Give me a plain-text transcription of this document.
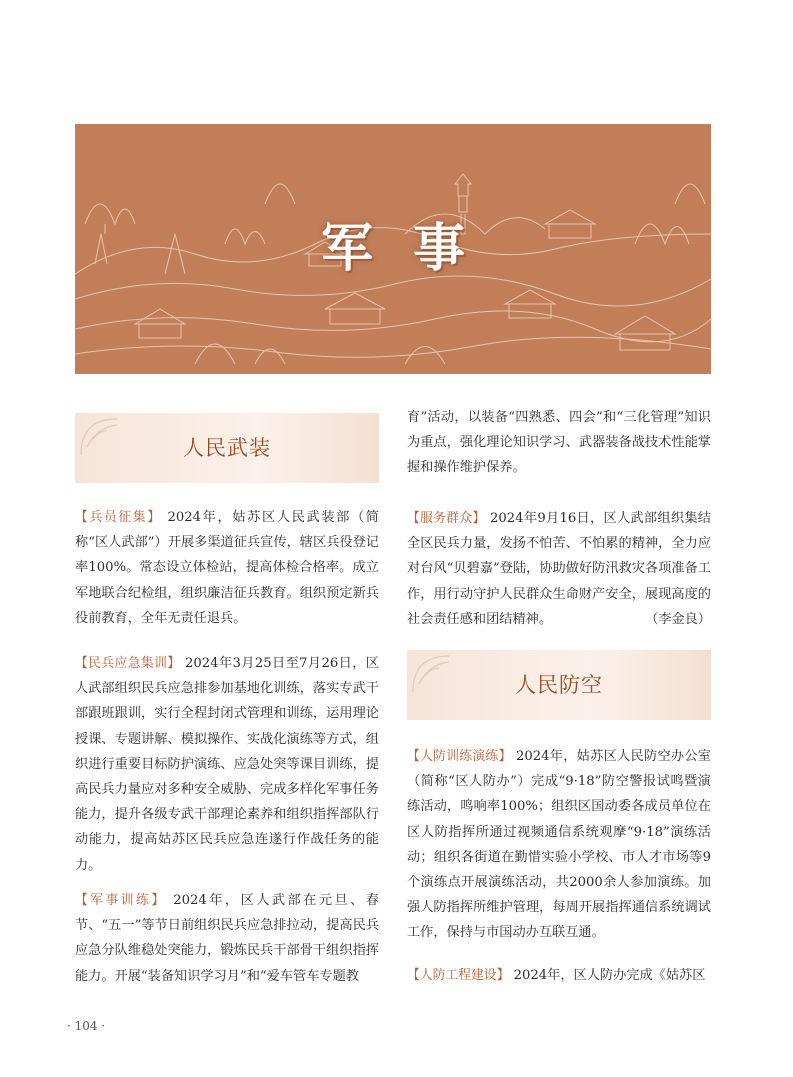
军事
人民武装

【兵员征集】 2024年，姑苏区人民武装部（简称“区人武部”）开展多渠道征兵宣传，辖区兵役登记率100%。常态设立体检站，提高体检合格率。成立军地联合纪检组，组织廉洁征兵教育。组织预定新兵役前教育，全年无责任退兵。

【民兵应急集训】 2024年3月25日至7月26日，区人武部组织民兵应急排参加基地化训练，落实专武干部跟班跟训，实行全程封闭式管理和训练，运用理论授课、专题讲解、模拟操作、实战化演练等方式，组织进行重要目标防护演练、应急处突等课目训练，提高民兵力量应对多种安全威胁、完成多样化军事任务能力，提升各级专武干部理论素养和组织指挥部队行动能力，提高姑苏区民兵应急连遂行作战任务的能力。

【军事训练】 2024年，区人武部在元旦、春节、“五一”等节日前组织民兵应急排拉动，提高民兵应急分队维稳处突能力，锻炼民兵干部骨干组织指挥能力。开展“装备知识学习月”和“爱车管车专题教

育”活动，以装备“四熟悉、四会”和“三化管理”知识为重点，强化理论知识学习、武器装备战技术性能掌握和操作维护保养。

【服务群众】 2024年9月16日，区人武部组织集结全区民兵力量，发扬不怕苦、不怕累的精神，全力应对台风“贝碧嘉”登陆，协助做好防汛救灾各项准备工作，用行动守护人民群众生命财产安全，展现高度的社会责任感和团结精神。	（李金良）

人民防空

【人防训练演练】 2024年，姑苏区人民防空办公室（简称“区人防办”）完成“9·18”防空警报试鸣暨演练活动，鸣响率100%；组织区国动委各成员单位在区人防指挥所通过视频通信系统观摩“9·18”演练活动；组织各街道在勤惜实验小学校、市人才市场等9个演练点开展演练活动，共2000余人参加演练。加强人防指挥所维护管理，每周开展指挥通信系统调试工作，保持与市国动办互联互通。

【人防工程建设】 2024年，区人防办完成《姑苏区

· 104 ·
